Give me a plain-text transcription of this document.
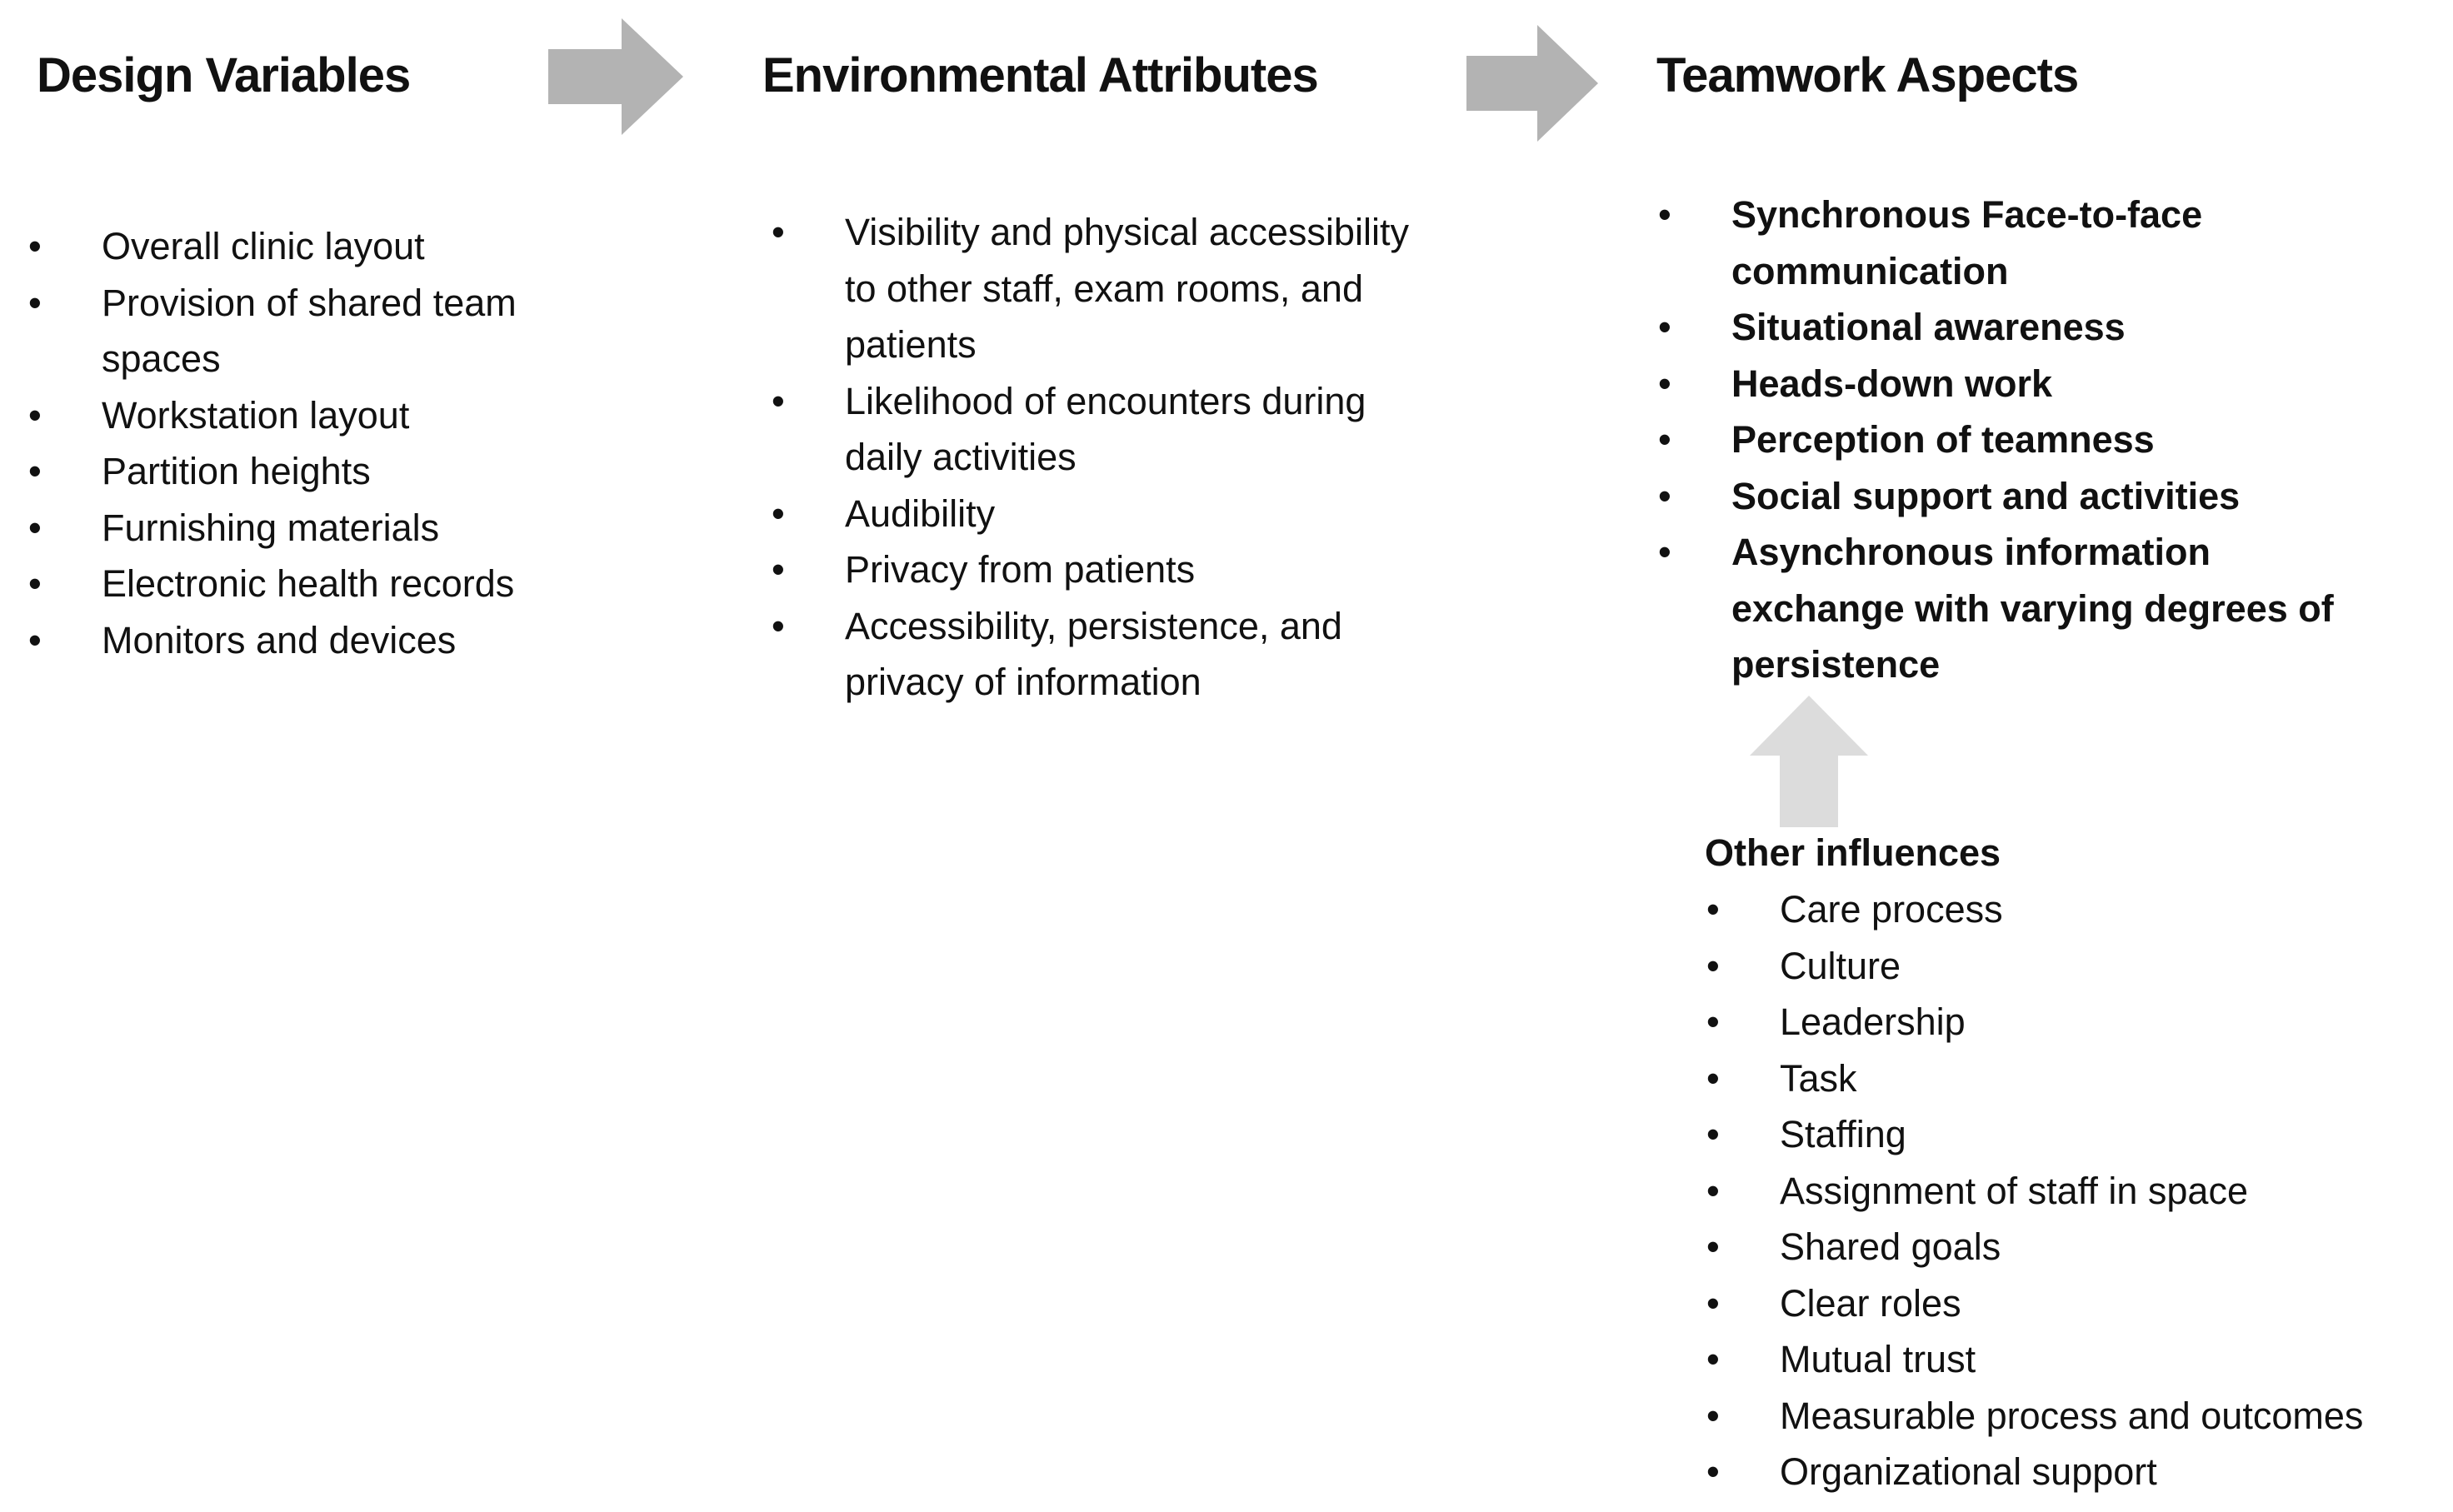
Design Variables	Environmental Attributes	Teamwork Aspects
• Overall clinic layout
• Provision of shared team spaces
• Workstation layout
• Partition heights
• Furnishing materials
• Electronic health records
• Monitors and devices
• Visibility and physical accessibility to other staff, exam rooms, and patients
• Likelihood of encounters during daily activities
• Audibility
• Privacy from patients
• Accessibility, persistence, and privacy of information
• Synchronous Face-to-face communication
• Situational awareness
• Heads-down work
• Perception of teamness
• Social support and activities
• Asynchronous information exchange with varying degrees of persistence
Other influences
• Care process
• Culture
• Leadership
• Task
• Staffing
• Assignment of staff in space
• Shared goals
• Clear roles
• Mutual trust
• Measurable process and outcomes
• Organizational support
